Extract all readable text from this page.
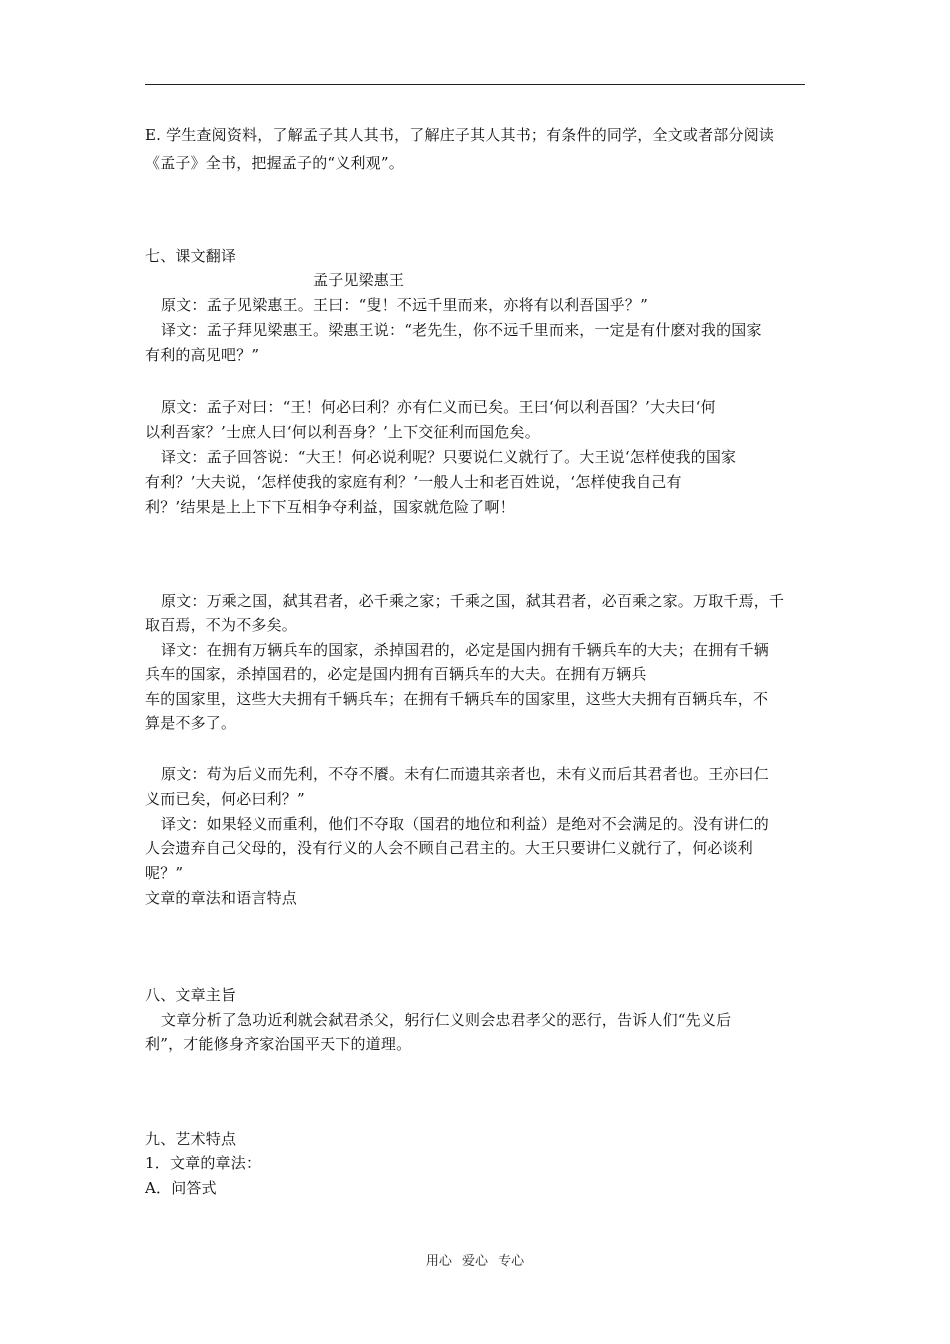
E. 学生查阅资料，了解孟子其人其书，了解庄子其人其书；有条件的同学，全文或者部分阅读
《孟子》全书，把握孟子的“义利观”。
七、课文翻译
孟子见梁惠王
原文：孟子见梁惠王。王曰：“叟！不远千里而来，亦将有以利吾国乎？”
译文：孟子拜见梁惠王。梁惠王说：“老先生，你不远千里而来，一定是有什麽对我的国家
有利的高见吧？”
原文：孟子对曰：“王！何必曰利？亦有仁义而已矣。王曰‘何以利吾国？’大夫曰‘何
以利吾家？’士庶人曰‘何以利吾身？’上下交征利而国危矣。
译文：孟子回答说：“大王！何必说利呢？只要说仁义就行了。大王说‘怎样使我的国家
有利？’大夫说，‘怎样使我的家庭有利？’一般人士和老百姓说，‘怎样使我自己有
利？’结果是上上下下互相争夺利益，国家就危险了啊！
原文：万乘之国，弑其君者，必千乘之家；千乘之国，弑其君者，必百乘之家。万取千焉，千
取百焉，不为不多矣。
译文：在拥有万辆兵车的国家，杀掉国君的，必定是国内拥有千辆兵车的大夫；在拥有千辆
兵车的国家，杀掉国君的，必定是国内拥有百辆兵车的大夫。在拥有万辆兵
车的国家里，这些大夫拥有千辆兵车；在拥有千辆兵车的国家里，这些大夫拥有百辆兵车，不
算是不多了。
原文：苟为后义而先利，不夺不餍。未有仁而遗其亲者也，未有义而后其君者也。王亦曰仁
义而已矣，何必曰利？”
译文：如果轻义而重利，他们不夺取（国君的地位和利益）是绝对不会满足的。没有讲仁的
人会遗弃自己父母的，没有行义的人会不顾自己君主的。大王只要讲仁义就行了，何必谈利
呢？”
文章的章法和语言特点
八、文章主旨
文章分析了急功近利就会弑君杀父，躬行仁义则会忠君孝父的恶行，告诉人们“先义后
利”，才能修身齐家治国平天下的道理。
九、艺术特点
1．文章的章法：
A．问答式
用心 爱心 专心
